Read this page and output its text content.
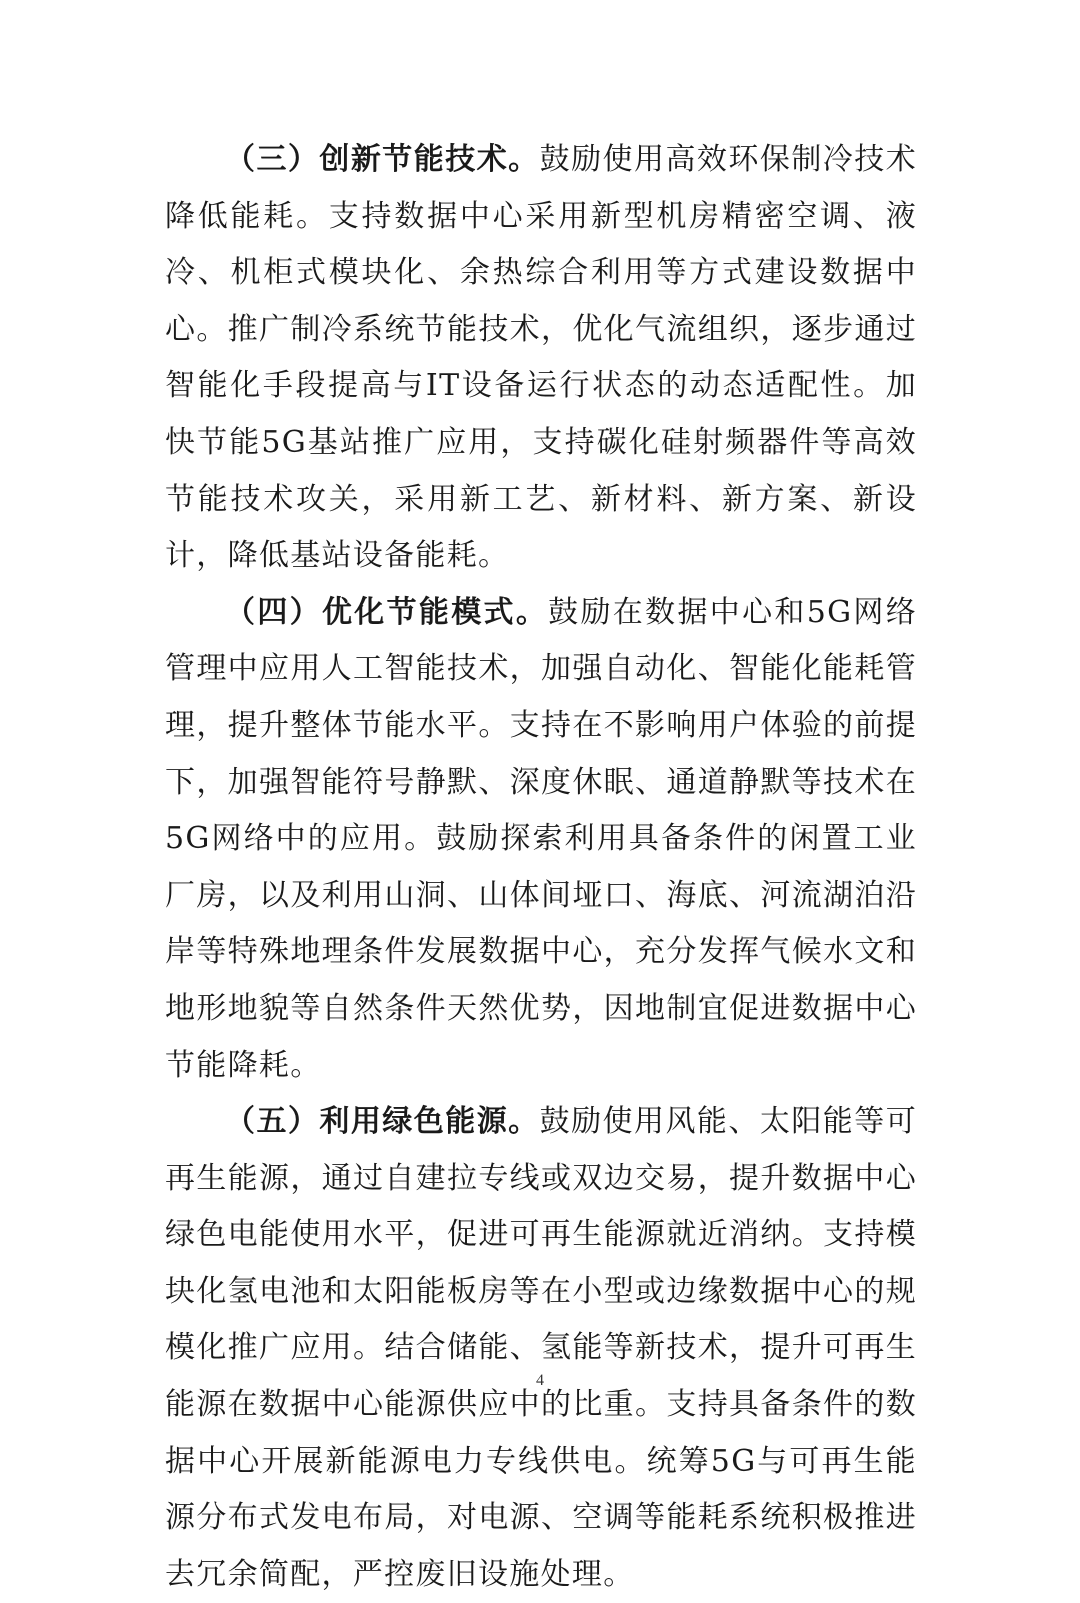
（三）创新节能技术。鼓励使用高效环保制冷技术降低能耗。支持数据中心采用新型机房精密空调、液冷、机柜式模块化、余热综合利用等方式建设数据中心。推广制冷系统节能技术，优化气流组织，逐步通过智能化手段提高与IT设备运行状态的动态适配性。加快节能5G基站推广应用，支持碳化硅射频器件等高效节能技术攻关，采用新工艺、新材料、新方案、新设计，降低基站设备能耗。

（四）优化节能模式。鼓励在数据中心和5G网络管理中应用人工智能技术，加强自动化、智能化能耗管理，提升整体节能水平。支持在不影响用户体验的前提下，加强智能符号静默、深度休眠、通道静默等技术在5G网络中的应用。鼓励探索利用具备条件的闲置工业厂房，以及利用山洞、山体间垭口、海底、河流湖泊沿岸等特殊地理条件发展数据中心，充分发挥气候水文和地形地貌等自然条件天然优势，因地制宜促进数据中心节能降耗。

（五）利用绿色能源。鼓励使用风能、太阳能等可再生能源，通过自建拉专线或双边交易，提升数据中心绿色电能使用水平，促进可再生能源就近消纳。支持模块化氢电池和太阳能板房等在小型或边缘数据中心的规模化推广应用。结合储能、氢能等新技术，提升可再生能源在数据中心能源供应中的比重。支持具备条件的数据中心开展新能源电力专线供电。统筹5G与可再生能源分布式发电布局，对电源、空调等能耗系统积极推进去冗余简配，严控废旧设施处理。

4
